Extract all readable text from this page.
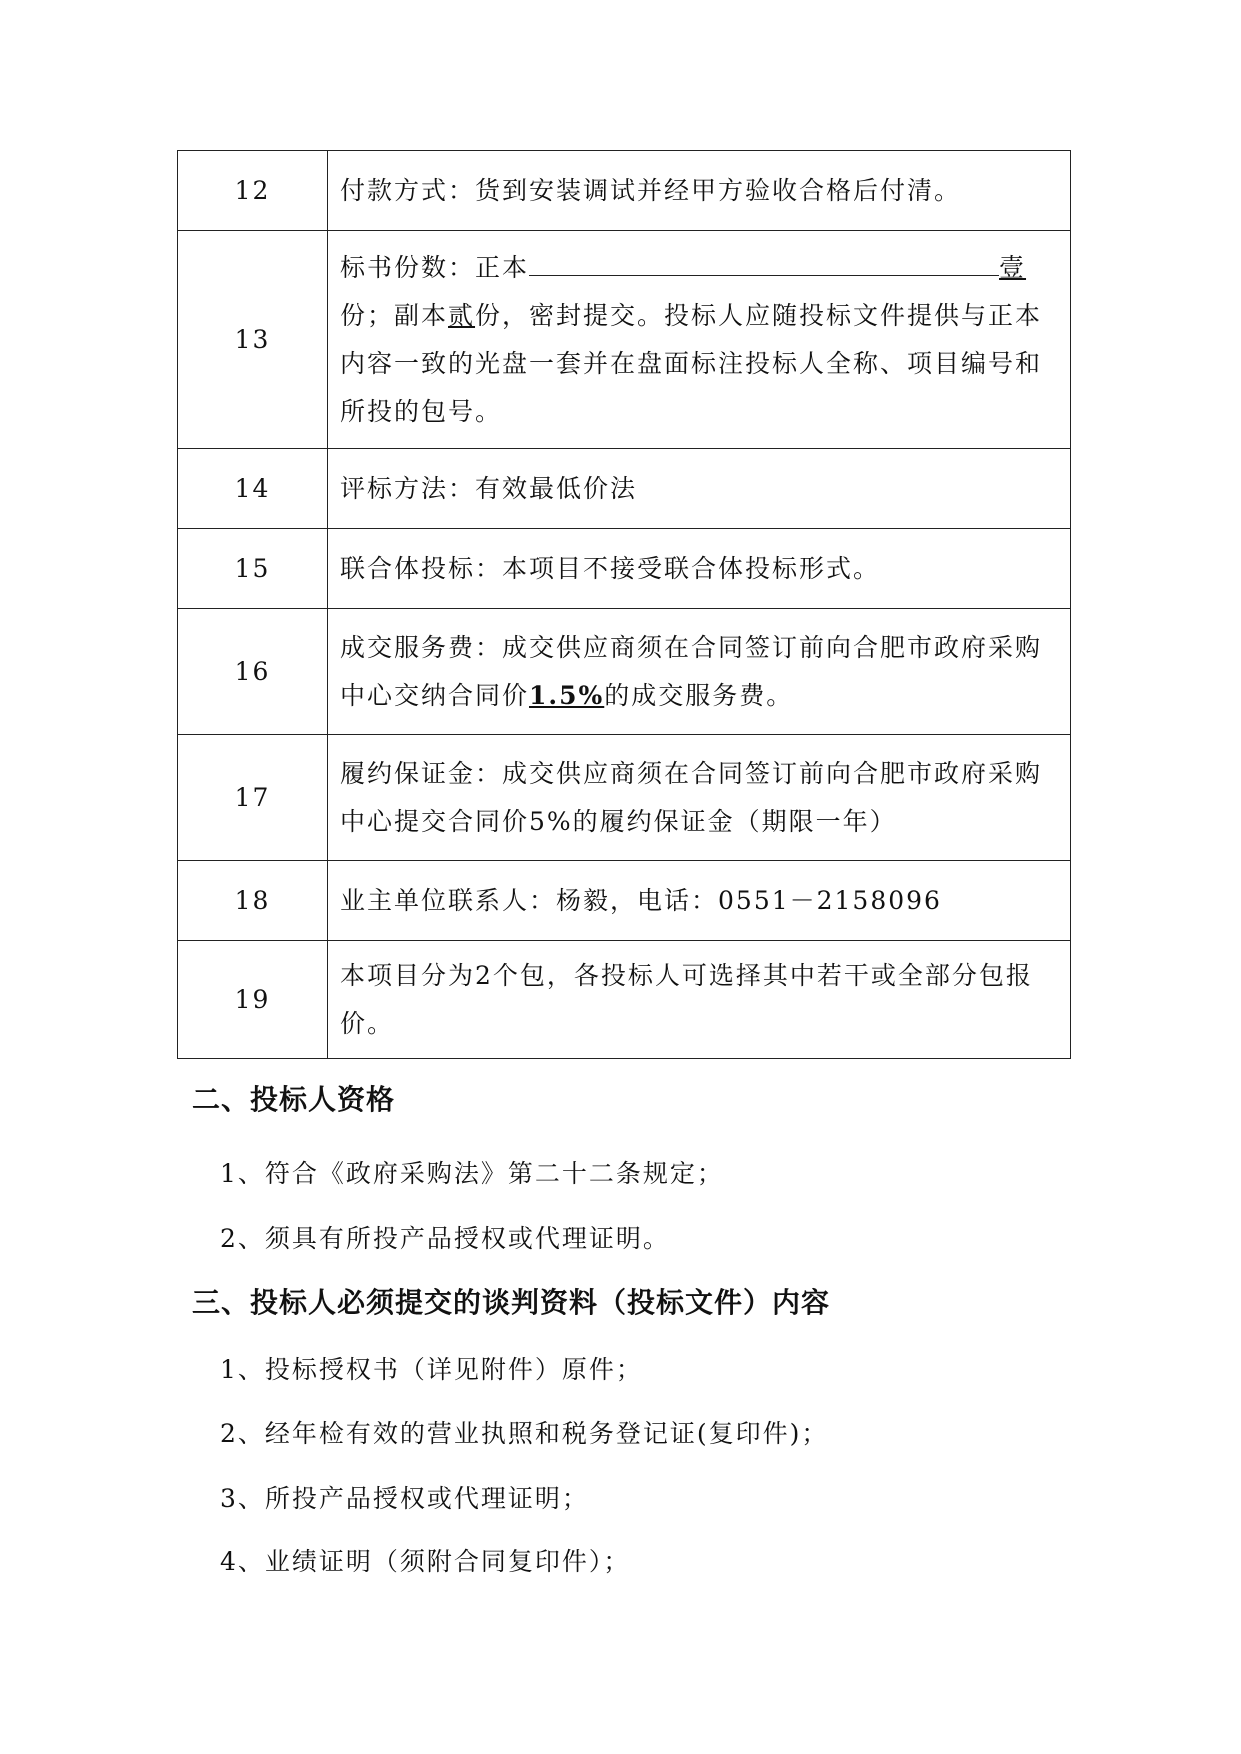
12	付款方式：货到安装调试并经甲方验收合格后付清。
13	标书份数：正本 壹份；副本贰份，密封提交。投标人应随投标文件提供与正本内容一致的光盘一套并在盘面标注投标人全称、项目编号和所投的包号。
14	评标方法：有效最低价法
15	联合体投标：本项目不接受联合体投标形式。
16	成交服务费：成交供应商须在合同签订前向合肥市政府采购中心交纳合同价1.5%的成交服务费。
17	履约保证金：成交供应商须在合同签订前向合肥市政府采购中心提交合同价5%的履约保证金（期限一年）
18	业主单位联系人：杨毅，电话：0551－2158096
19	本项目分为2个包，各投标人可选择其中若干或全部分包报价。
二、投标人资格
1、符合《政府采购法》第二十二条规定；
2、须具有所投产品授权或代理证明。
三、投标人必须提交的谈判资料（投标文件）内容
1、投标授权书（详见附件）原件；
2、经年检有效的营业执照和税务登记证(复印件)；
3、所投产品授权或代理证明；
4、业绩证明（须附合同复印件）；
